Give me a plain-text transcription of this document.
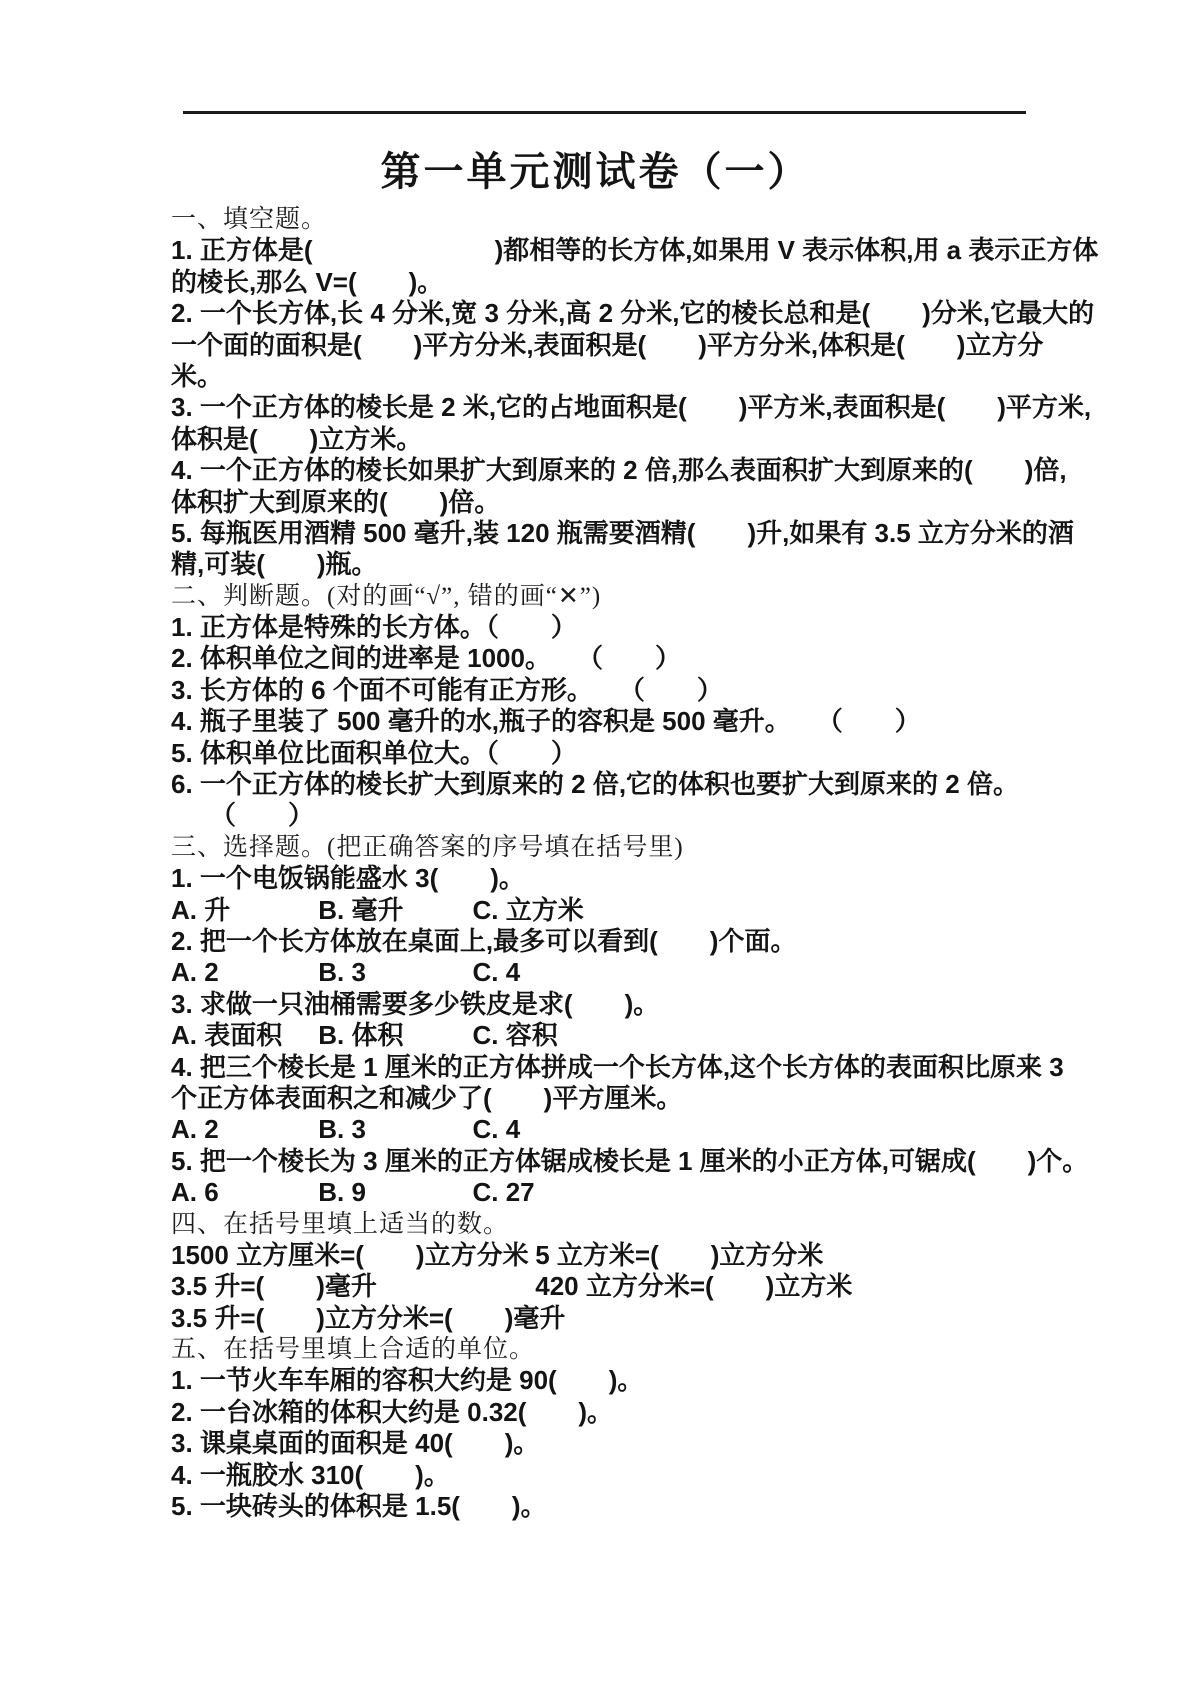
第一单元测试卷（一）
一、填空题。
1. 正方体是(　　　　　　　)都相等的长方体,如果用 V 表示体积,用 a 表示正方体
的棱长,那么 V=(　　)。
2. 一个长方体,长 4 分米,宽 3 分米,高 2 分米,它的棱长总和是(　　)分米,它最大的
一个面的面积是(　　)平方分米,表面积是(　　)平方分米,体积是(　　)立方分
米。
3. 一个正方体的棱长是 2 米,它的占地面积是(　　)平方米,表面积是(　　)平方米,
体积是(　　)立方米。
4. 一个正方体的棱长如果扩大到原来的 2 倍,那么表面积扩大到原来的(　　)倍,
体积扩大到原来的(　　)倍。
5. 每瓶医用酒精 500 毫升,装 120 瓶需要酒精(　　)升,如果有 3.5 立方分米的酒
精,可装(　　)瓶。
二、判断题。(对的画“√”, 错的画“✕”)
1. 正方体是特殊的长方体。（　　）
2. 体积单位之间的进率是 1000。　　（　　）
3. 长方体的 6 个面不可能有正方形。　　（　　）
4. 瓶子里装了 500 毫升的水,瓶子的容积是 500 毫升。　　（　　）
5. 体积单位比面积单位大。（　　）
6. 一个正方体的棱长扩大到原来的 2 倍,它的体积也要扩大到原来的 2 倍。
　　（　　）
三、选择题。(把正确答案的序号填在括号里)
1. 一个电饭锅能盛水 3(　　)。
A. 升	B. 毫升	C. 立方米
2. 把一个长方体放在桌面上,最多可以看到(　　)个面。
A. 2	B. 3	C. 4
3. 求做一只油桶需要多少铁皮是求(　　)。
A. 表面积 B. 体积	C. 容积
4. 把三个棱长是 1 厘米的正方体拼成一个长方体,这个长方体的表面积比原来 3
个正方体表面积之和减少了(　　)平方厘米。
A. 2	B. 3	C. 4
5. 把一个棱长为 3 厘米的正方体锯成棱长是 1 厘米的小正方体,可锯成(　　)个。
A. 6	B. 9	C. 27
四、在括号里填上适当的数。
1500 立方厘米=(　　)立方分米 5 立方米=(　　)立方分米
3.5 升=(　　)毫升	420 立方分米=(　　)立方米
3.5 升=(　　)立方分米=(　　)毫升
五、在括号里填上合适的单位。
1. 一节火车车厢的容积大约是 90(　　)。
2. 一台冰箱的体积大约是 0.32(　　)。
3. 课桌桌面的面积是 40(　　)。
4. 一瓶胶水 310(　　)。
5. 一块砖头的体积是 1.5(　　)。
